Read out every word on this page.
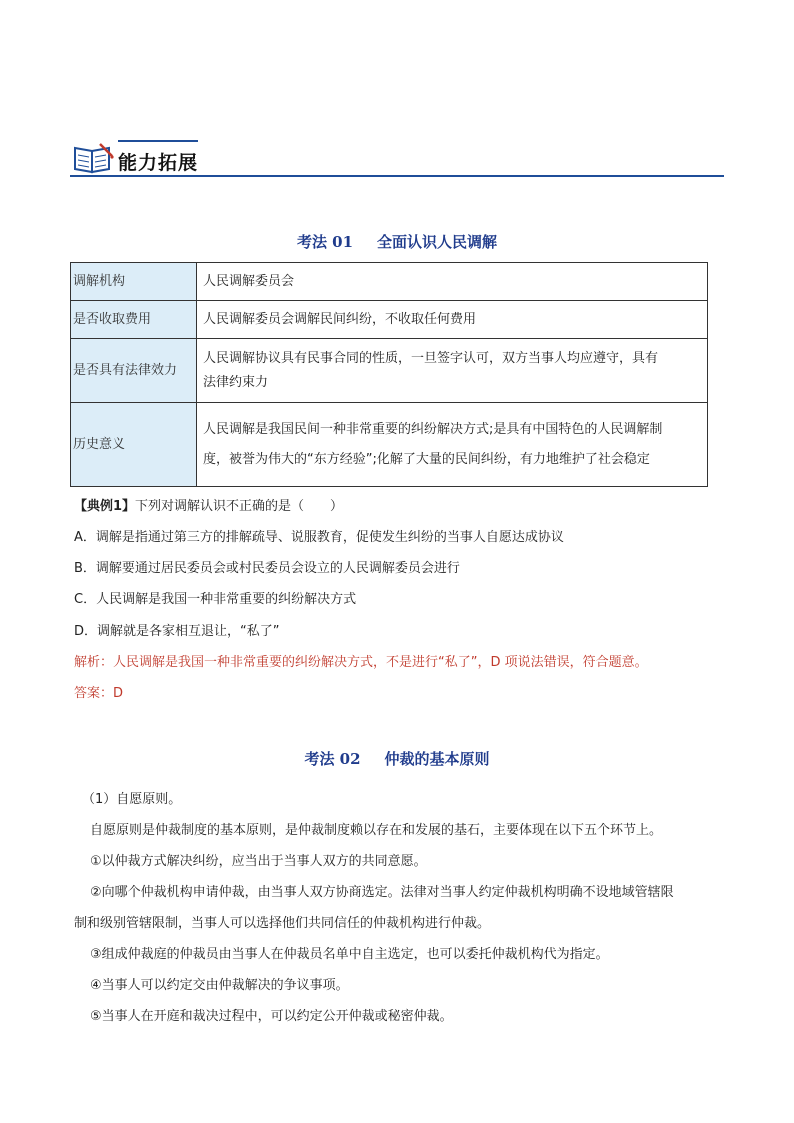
能力拓展
考法 01 全面认识人民调解
调解机构	人民调解委员会
是否收取费用	人民调解委员会调解民间纠纷，不收取任何费用
是否具有法律效力	人民调解协议具有民事合同的性质，一旦签字认可，双方当事人均应遵守，具有
法律约束力

历史意义	人民调解是我国民间一种非常重要的纠纷解决方式;是具有中国特色的人民调解制
度，被誉为伟大的“东方经验”;化解了大量的民间纠纷，有力地维护了社会稳定
【典例1】下列对调解认识不正确的是（　　）
A．调解是指通过第三方的排解疏导、说服教育，促使发生纠纷的当事人自愿达成协议
B．调解要通过居民委员会或村民委员会设立的人民调解委员会进行
C．人民调解是我国一种非常重要的纠纷解决方式
D．调解就是各家相互退让，“私了”
解析：人民调解是我国一种非常重要的纠纷解决方式，不是进行“私了”，D 项说法错误，符合题意。
答案：D
考法 02 仲裁的基本原则
（1）自愿原则。
自愿原则是仲裁制度的基本原则，是仲裁制度赖以存在和发展的基石，主要体现在以下五个环节上。
①以仲裁方式解决纠纷，应当出于当事人双方的共同意愿。
②向哪个仲裁机构申请仲裁，由当事人双方协商选定。法律对当事人约定仲裁机构明确不设地域管辖限
制和级别管辖限制，当事人可以选择他们共同信任的仲裁机构进行仲裁。
③组成仲裁庭的仲裁员由当事人在仲裁员名单中自主选定，也可以委托仲裁机构代为指定。
④当事人可以约定交由仲裁解决的争议事项。
⑤当事人在开庭和裁决过程中，可以约定公开仲裁或秘密仲裁。
